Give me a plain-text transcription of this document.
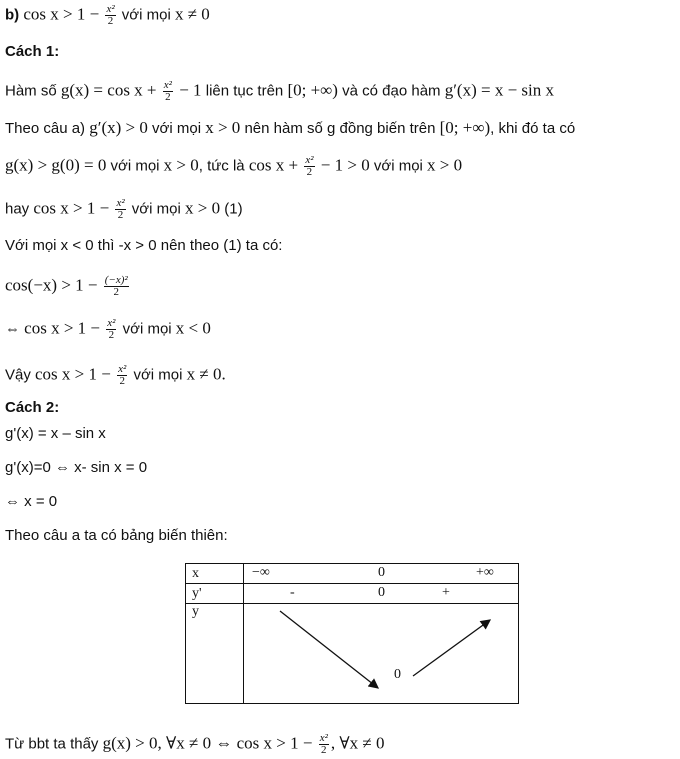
b) $\cos x > 1 - \frac{\text{x²}}{2}$ với mọi x ≠ 0
Cách 1:
Hàm số $g(x) = \cos x + \frac{\text{x²}}{2} - 1$ liên tục trên [0; +∞) và có đạo hàm g′(x) = x − sin x
Theo câu a) g′(x) > 0 với mọi x > 0 nên hàm số g đồng biến trên [0; +∞), khi đó ta có
g(x) > g(0) = 0 với mọi x > 0, tức là $\cos x + \frac{\text{x²}}{2} - 1 > 0$ với mọi x > 0
hay $\cos x > 1 - \frac{\text{x²}}{2}$ với mọi x > 0 (1)
Với mọi x < 0 thì -x > 0 nên theo (1) ta có:
$\cos(-x) > 1 - \frac{\text{(−x)²}}{2}$
⇔ $\cos x > 1 - \frac{\text{x²}}{2}$ với mọi x < 0
Vậy $\cos x > 1 - \frac{\text{x²}}{2}$ với mọi x ≠ 0.
Cách 2:
g'(x) = x – sin x
g'(x)=0 ⇔ x- sin x = 0
⇔ x = 0
Theo câu a ta có bảng biến thiên:
x	−∞ 0 +∞

y'	- 0 +

y	0
Từ bbt ta thấy g(x) > 0, ∀x ≠ 0 ⇔ $\cos x > 1 - \frac{\text{x²}}{2}$ , ∀x ≠ 0
